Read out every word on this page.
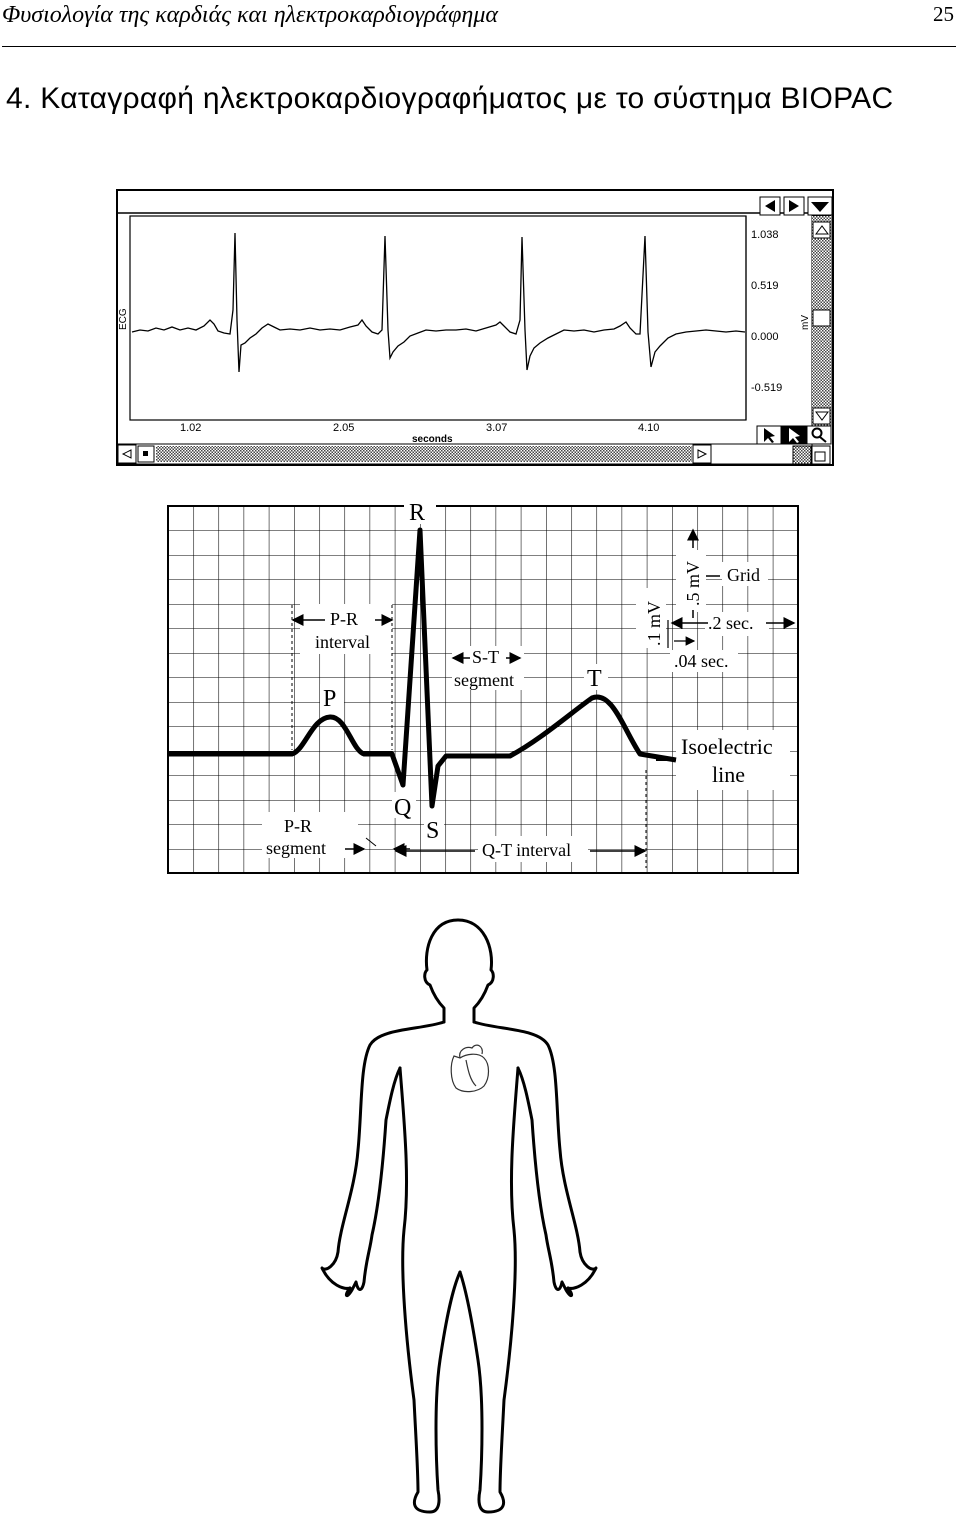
Φυσιολογία της καρδιάς και ηλεκτροκαρδιογράφημα	25
4. Καταγραφή ηλεκτροκαρδιογραφήματος με το σύστημα BIOPAC
ECG	mV
1.038
0.519
0.000
-0.519
1.02	2.05	3.07	4.10
seconds
P
Q
R
S
T
P-R
interval
S-T
segment
P-R
segment	Q-T interval
Grid
.5 mV
.1 mV .2 sec.
.04 sec.
Isoelectric
line
